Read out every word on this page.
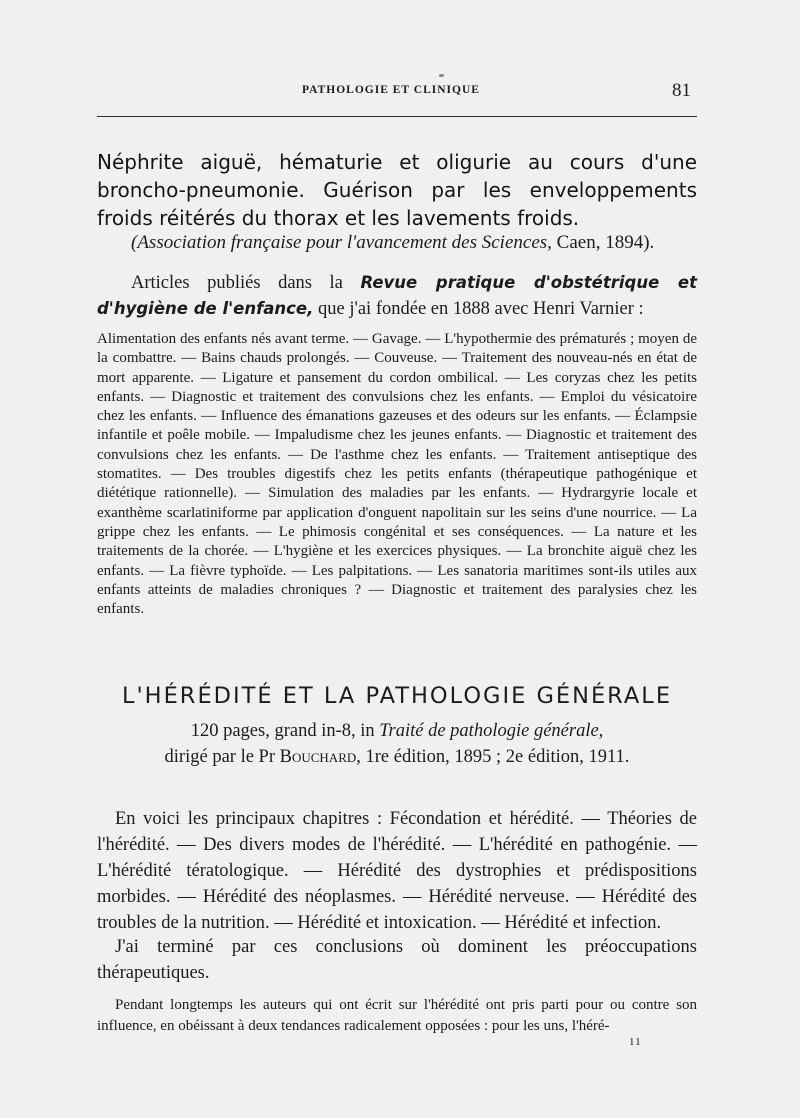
PATHOLOGIE ET CLINIQUE	81
Néphrite aiguë, hématurie et oligurie au cours d'une broncho-pneumonie. Guérison par les enveloppements froids réitérés du thorax et les lavements froids.
(Association française pour l'avancement des Sciences, Caen, 1894).
Articles publiés dans la Revue pratique d'obstétrique et d'hygiène de l'enfance, que j'ai fondée en 1888 avec Henri Varnier :
Alimentation des enfants nés avant terme. — Gavage. — L'hypothermie des prématurés ; moyen de la combattre. — Bains chauds prolongés. — Couveuse. — Traitement des nouveau-nés en état de mort apparente. — Ligature et pansement du cordon ombilical. — Les coryzas chez les petits enfants. — Diagnostic et traitement des convulsions chez les enfants. — Emploi du vésicatoire chez les enfants. — Influence des émanations gazeuses et des odeurs sur les enfants. — Éclampsie infantile et poêle mobile. — Impaludisme chez les jeunes enfants. — Diagnostic et traitement des convulsions chez les enfants. — De l'asthme chez les enfants. — Traitement antiseptique des stomatites. — Des troubles digestifs chez les petits enfants (thérapeutique pathogénique et diététique rationnelle). — Simulation des maladies par les enfants. — Hydrargyrie locale et exanthème scarlatiniforme par application d'onguent napolitain sur les seins d'une nourrice. — La grippe chez les enfants. — Le phimosis congénital et ses conséquences. — La nature et les traitements de la chorée. — L'hygiène et les exercices physiques. — La bronchite aiguë chez les enfants. — La fièvre typhoïde. — Les palpitations. — Les sanatoria maritimes sont-ils utiles aux enfants atteints de maladies chroniques ? — Diagnostic et traitement des paralysies chez les enfants.
L'HÉRÉDITÉ ET LA PATHOLOGIE GÉNÉRALE
120 pages, grand in-8, in Traité de pathologie générale,
dirigé par le Pr Bouchard, 1re édition, 1895 ; 2e édition, 1911.
En voici les principaux chapitres : Fécondation et hérédité. — Théories de l'hérédité. — Des divers modes de l'hérédité. — L'hérédité en pathogénie. — L'hérédité tératologique. — Hérédité des dystrophies et prédispositions morbides. — Hérédité des néoplasmes. — Hérédité nerveuse. — Hérédité des troubles de la nutrition. — Hérédité et intoxication. — Hérédité et infection.
J'ai terminé par ces conclusions où dominent les préoccupations thérapeutiques.
Pendant longtemps les auteurs qui ont écrit sur l'hérédité ont pris parti pour ou contre son influence, en obéissant à deux tendances radicalement opposées : pour les uns, l'héré-
11
